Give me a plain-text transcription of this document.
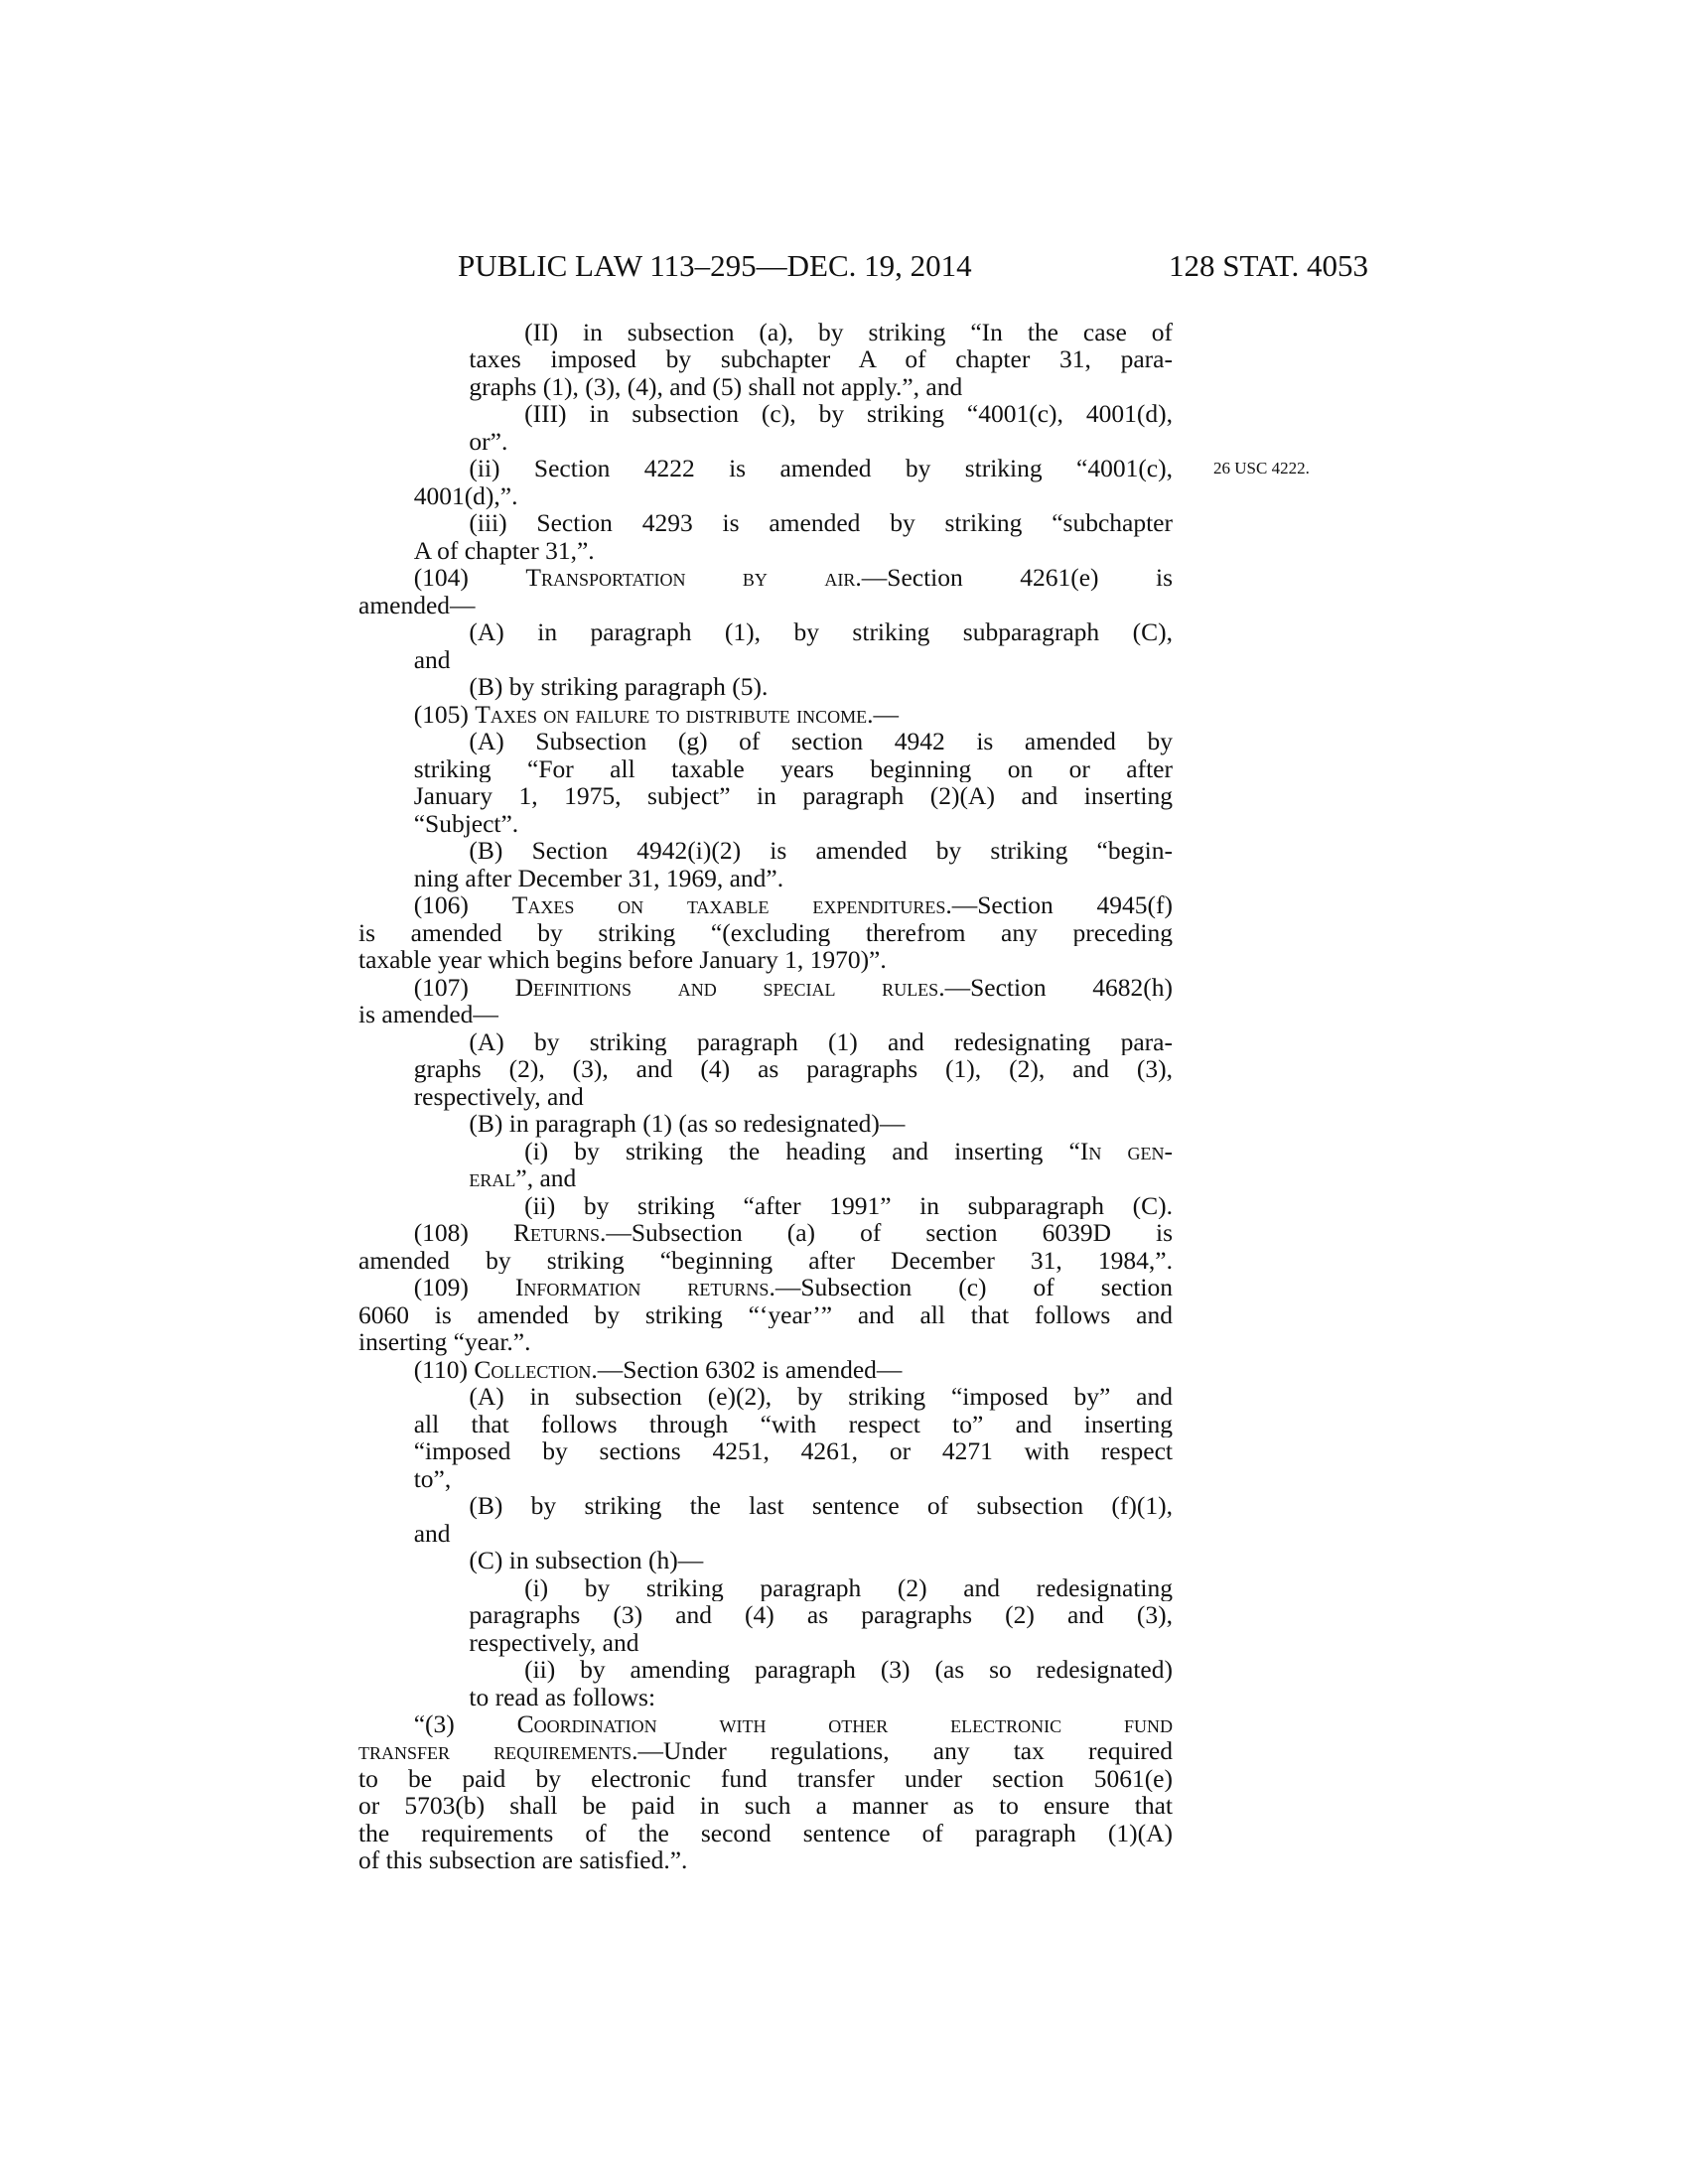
PUBLIC LAW 113–295—DEC. 19, 2014	128 STAT. 4053
(II) in subsection (a), by striking “In the case of
taxes imposed by subchapter A of chapter 31, para-
graphs (1), (3), (4), and (5) shall not apply.”, and
(III) in subsection (c), by striking “4001(c), 4001(d),
or”.
(ii) Section 4222 is amended by striking “4001(c),
4001(d),”.
(iii) Section 4293 is amended by striking “subchapter
A of chapter 31,”.
(104) Transportation by air.—Section 4261(e) is
amended—
(A) in paragraph (1), by striking subparagraph (C),
and
(B) by striking paragraph (5).
(105) Taxes on failure to distribute income.—
(A) Subsection (g) of section 4942 is amended by
striking “For all taxable years beginning on or after
January 1, 1975, subject” in paragraph (2)(A) and inserting
“Subject”.
(B) Section 4942(i)(2) is amended by striking “begin-
ning after December 31, 1969, and”.
(106) Taxes on taxable expenditures.—Section 4945(f)
is amended by striking “(excluding therefrom any preceding
taxable year which begins before January 1, 1970)”.
(107) Definitions and special rules.—Section 4682(h)
is amended—
(A) by striking paragraph (1) and redesignating para-
graphs (2), (3), and (4) as paragraphs (1), (2), and (3),
respectively, and
(B) in paragraph (1) (as so redesignated)—
(i) by striking the heading and inserting “In gen-
eral”, and
(ii) by striking “after 1991” in subparagraph (C).
(108) Returns.—Subsection (a) of section 6039D is
amended by striking “beginning after December 31, 1984,”.
(109) Information returns.—Subsection (c) of section
6060 is amended by striking “‘year’” and all that follows and
inserting “year.”.
(110) Collection.—Section 6302 is amended—
(A) in subsection (e)(2), by striking “imposed by” and
all that follows through “with respect to” and inserting
“imposed by sections 4251, 4261, or 4271 with respect
to”,
(B) by striking the last sentence of subsection (f)(1),
and
(C) in subsection (h)—
(i) by striking paragraph (2) and redesignating
paragraphs (3) and (4) as paragraphs (2) and (3),
respectively, and
(ii) by amending paragraph (3) (as so redesignated)
to read as follows:
“(3) Coordination with other electronic fund
transfer requirements.—Under regulations, any tax required
to be paid by electronic fund transfer under section 5061(e)
or 5703(b) shall be paid in such a manner as to ensure that
the requirements of the second sentence of paragraph (1)(A)
of this subsection are satisfied.”.
26 USC 4222.
